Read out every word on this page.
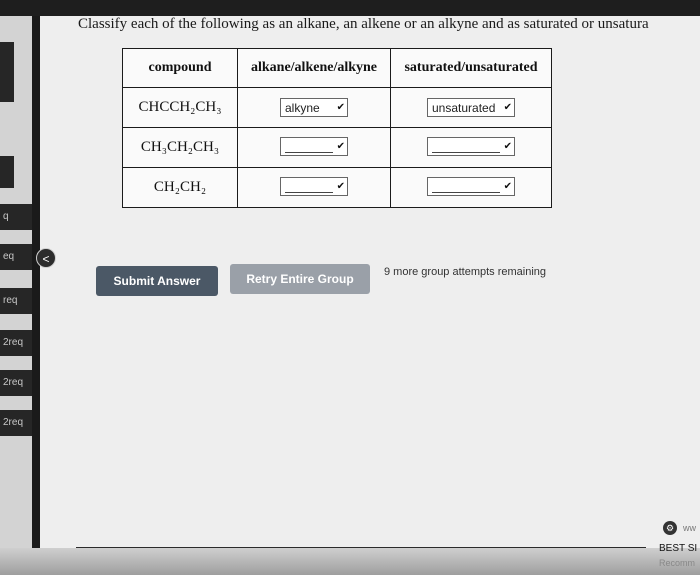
q
eq
req
2req
2req
2req

Classify each of the following as an alkane, an alkene or an alkyne and as saturated or unsatura

compound	alkane/alkene/alkyne	saturated/unsaturated
CHCCH₂CH₃	alkyne ✔︎	unsaturated ✔︎

CH₃CH₂CH₃	✔︎	✔︎

CH₂CH₂	✔︎	✔︎
<
Submit Answer	Retry Entire Group	9 more group attempts remaining
⚙ ww
BEST SI
Recomm
